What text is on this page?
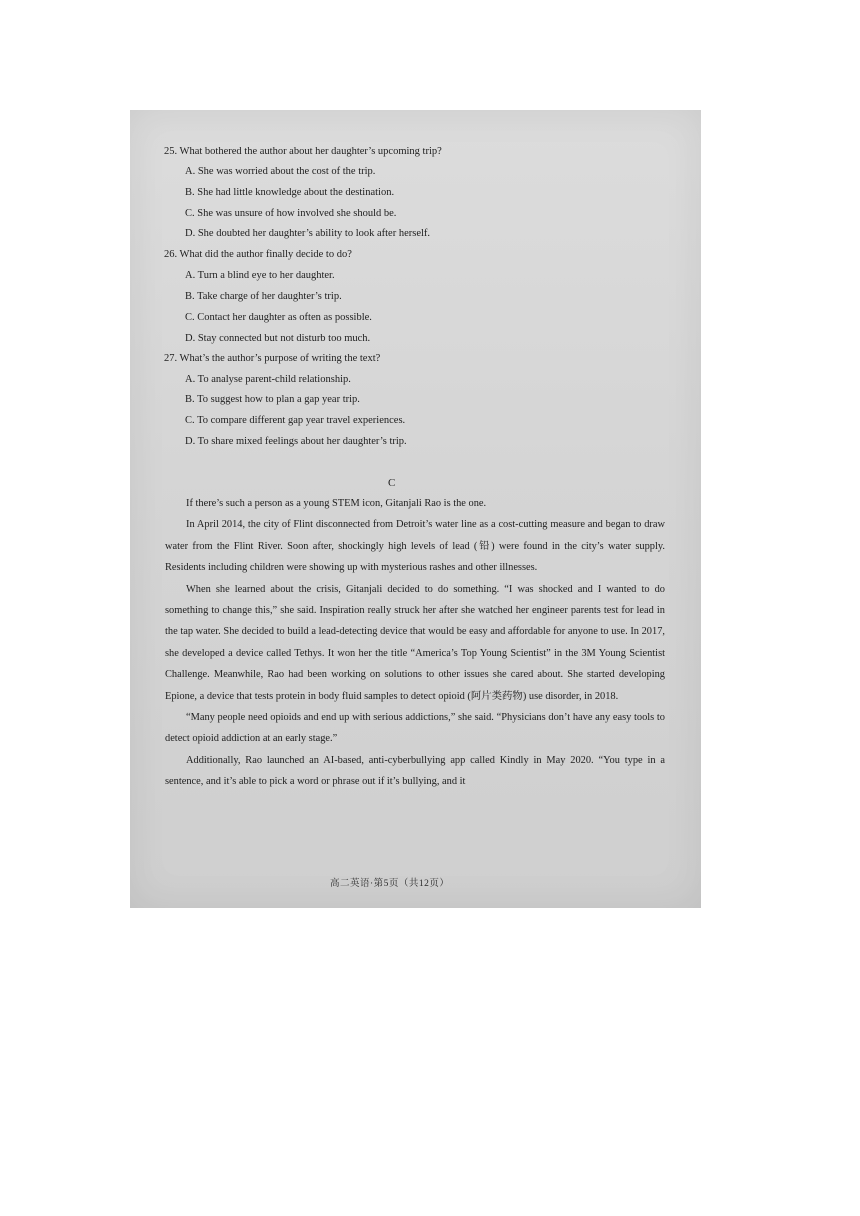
25. What bothered the author about her daughter’s upcoming trip?
A. She was worried about the cost of the trip.
B. She had little knowledge about the destination.
C. She was unsure of how involved she should be.
D. She doubted her daughter’s ability to look after herself.
26. What did the author finally decide to do?
A. Turn a blind eye to her daughter.
B. Take charge of her daughter’s trip.
C. Contact her daughter as often as possible.
D. Stay connected but not disturb too much.
27. What’s the author’s purpose of writing the text?
A. To analyse parent-child relationship.
B. To suggest how to plan a gap year trip.
C. To compare different gap year travel experiences.
D. To share mixed feelings about her daughter’s trip.
C
If there’s such a person as a young STEM icon, Gitanjali Rao is the one.
In April 2014, the city of Flint disconnected from Detroit’s water line as a cost-cutting measure and began to draw water from the Flint River. Soon after, shockingly high levels of lead (铅) were found in the city’s water supply. Residents including children were showing up with mysterious rashes and other illnesses.
When she learned about the crisis, Gitanjali decided to do something. “I was shocked and I wanted to do something to change this,” she said. Inspiration really struck her after she watched her engineer parents test for lead in the tap water. She decided to build a lead-detecting device that would be easy and affordable for anyone to use. In 2017, she developed a device called Tethys. It won her the title “America’s Top Young Scientist” in the 3M Young Scientist Challenge. Meanwhile, Rao had been working on solutions to other issues she cared about. She started developing Epione, a device that tests protein in body fluid samples to detect opioid (阿片类药物) use disorder, in 2018.
“Many people need opioids and end up with serious addictions,” she said. “Physicians don’t have any easy tools to detect opioid addiction at an early stage.”
Additionally, Rao launched an AI-based, anti-cyberbullying app called Kindly in May 2020. “You type in a sentence, and it’s able to pick a word or phrase out if it’s bullying, and it
高二英语·第5页（共12页）
